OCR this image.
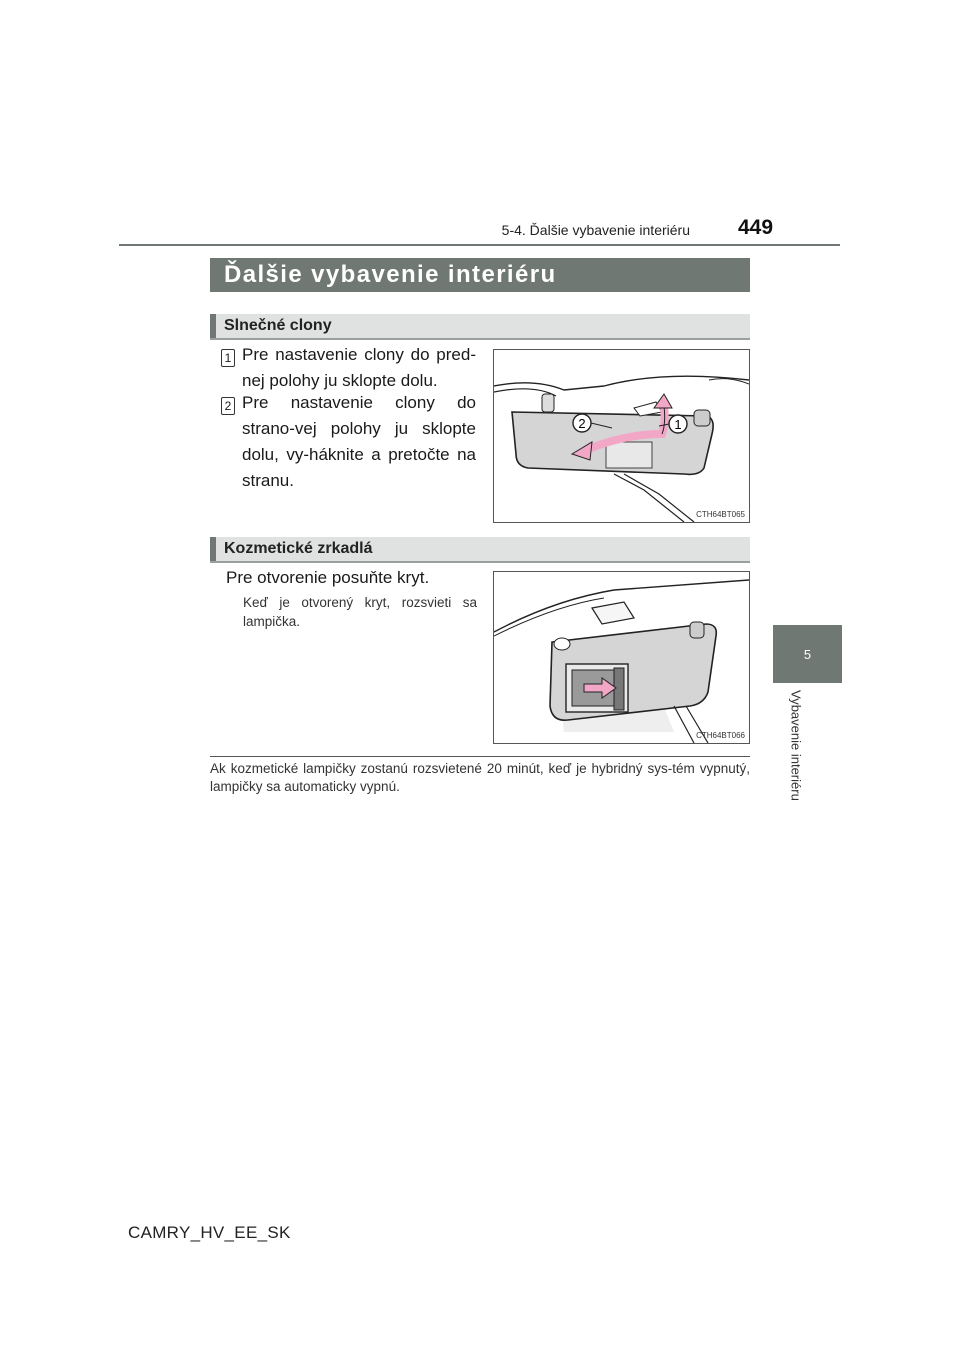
5-4. Ďalšie vybavenie interiéru 449
5
Vybavenie interiéru
Ďalšie vybavenie interiéru
Slnečné clony
1 Pre nastavenie clony do pred-nej polohy ju sklopte dolu.
2 Pre nastavenie clony do strano-vej polohy ju sklopte dolu, vy-háknite a pretočte na stranu.
2	1
CTH64BT065
Kozmetické zrkadlá
Pre otvorenie posuňte kryt.
Keď je otvorený kryt, rozsvieti sa lampička.
CTH64BT066
Ak kozmetické lampičky zostanú rozsvietené 20 minút, keď je hybridný sys-tém vypnutý, lampičky sa automaticky vypnú.
CAMRY_HV_EE_SK
